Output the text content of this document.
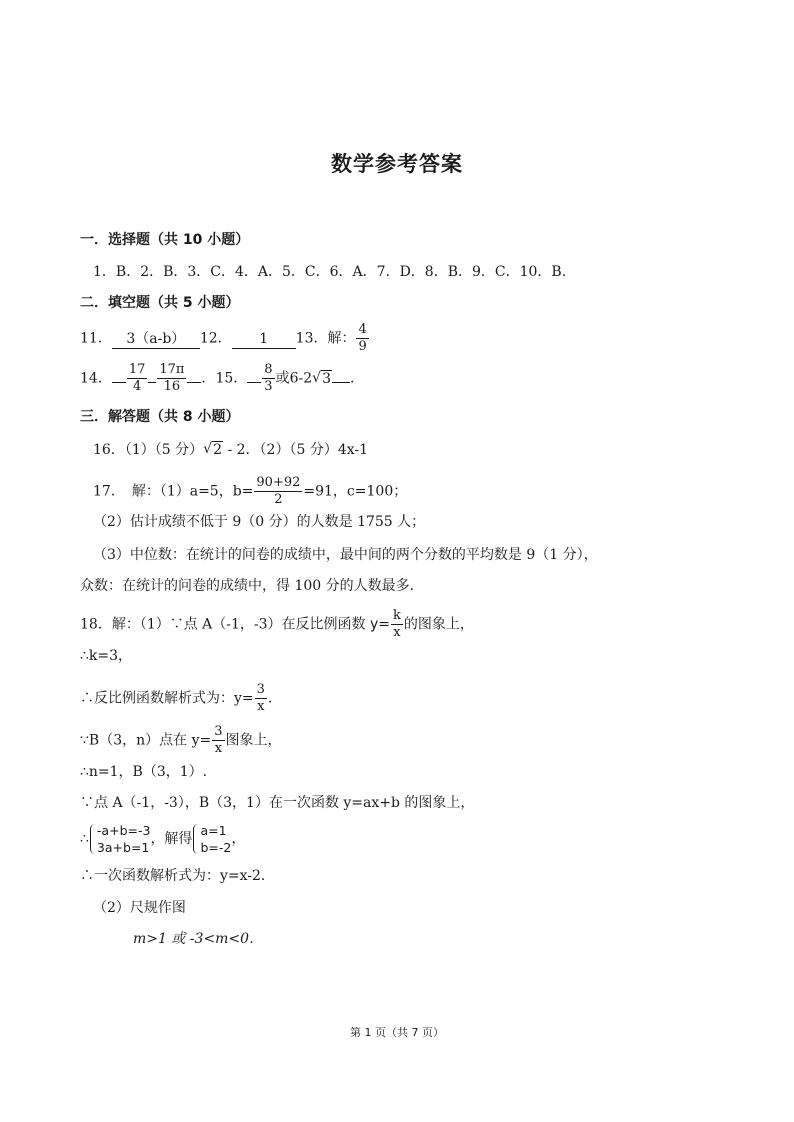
数学参考答案
一．选择题（共 10 小题）
1．B．2．B．3．C．4．A．5．C．6．A．7．D．8．B．9．C．10．B.
二．填空题（共 5 小题）
11． 3（a-b） 12． 1 13．解： $\frac{4}{9}$
14． $\frac{17}{4} \frac{17\pi}{16}$ ．15． $\frac{8}{3}$ 或6-2 √ 3 ．
三．解答题（共 8 小题）
16．（1）（5 分） √ 2 - 2．（2）（5 分）4x-1
17．　解：（1）a=5，$b= \frac{90+92}{2} =91$，c=100；
（2）估计成绩不低于 9（0 分）的人数是 1755 人；
（3）中位数：在统计的问卷的成绩中，最中间的两个分数的平均数是 9（1 分），
众数：在统计的问卷的成绩中，得 100 分的人数最多．
18．解：（1）∵点 A（-1，-3）在反比例函数 $y= \frac{k}{x}$ 的图象上，
∴k=3，
∴反比例函数解析式为：$y= \frac{3}{x}$ .
∵B（3，n）点在 $y= \frac{3}{x}$ 图象上，
∴n=1，B（3，1）.
∵点 A（-1，-3），B（3，1）在一次函数 y=ax+b 的图象上，
∴
-a+b=-3
3a+b=1
，解得
a=1
b=-2
，
∴一次函数解析式为：y=x-2．
（2）尺规作图
m>1 或 -3<m<0．
第 1 页（共 7 页）
